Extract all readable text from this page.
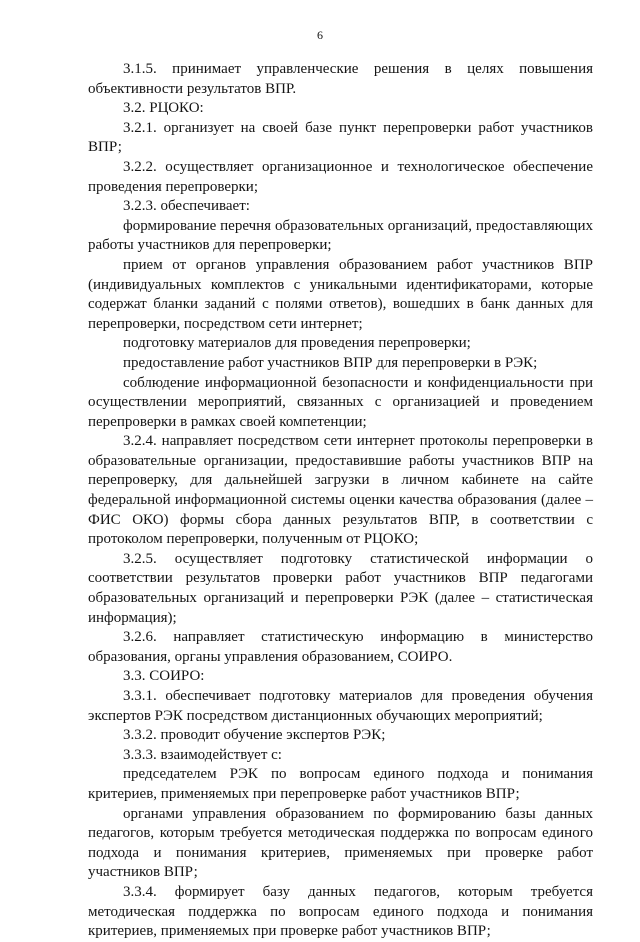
6

3.1.5. принимает управленческие решения в целях повышения объективности результатов ВПР.

3.2. РЦОКО:

3.2.1. организует на своей базе пункт перепроверки работ участников ВПР;

3.2.2. осуществляет организационное и технологическое обеспечение проведения перепроверки;

3.2.3. обеспечивает:

формирование перечня образовательных организаций, предоставляющих работы участников для перепроверки;

прием от органов управления образованием работ участников ВПР (индивидуальных комплектов с уникальными идентификаторами, которые содержат бланки заданий с полями ответов), вошедших в банк данных для перепроверки, посредством сети интернет;

подготовку материалов для проведения перепроверки;

предоставление работ участников ВПР для перепроверки в РЭК;

соблюдение информационной безопасности и конфиденциальности при осуществлении мероприятий, связанных с организацией и проведением перепроверки в рамках своей компетенции;

3.2.4. направляет посредством сети интернет протоколы перепроверки в образовательные организации, предоставившие работы участников ВПР на перепроверку, для дальнейшей загрузки в личном кабинете на сайте федеральной информационной системы оценки качества образования (далее – ФИС ОКО) формы сбора данных результатов ВПР, в соответствии с протоколом перепроверки, полученным от РЦОКО;

3.2.5. осуществляет подготовку статистической информации о соответствии результатов проверки работ участников ВПР педагогами образовательных организаций и перепроверки РЭК (далее – статистическая информация);

3.2.6. направляет статистическую информацию в министерство образования, органы управления образованием, СОИРО.

3.3. СОИРО:

3.3.1. обеспечивает подготовку материалов для проведения обучения экспертов РЭК посредством дистанционных обучающих мероприятий;

3.3.2. проводит обучение экспертов РЭК;

3.3.3. взаимодействует с:

председателем РЭК по вопросам единого подхода и понимания критериев, применяемых при перепроверке работ участников ВПР;

органами управления образованием по формированию базы данных педагогов, которым требуется методическая поддержка по вопросам единого подхода и понимания критериев, применяемых при проверке работ участников ВПР;

3.3.4. формирует базу данных педагогов, которым требуется методическая поддержка по вопросам единого подхода и понимания критериев, применяемых при проверке работ участников ВПР;
